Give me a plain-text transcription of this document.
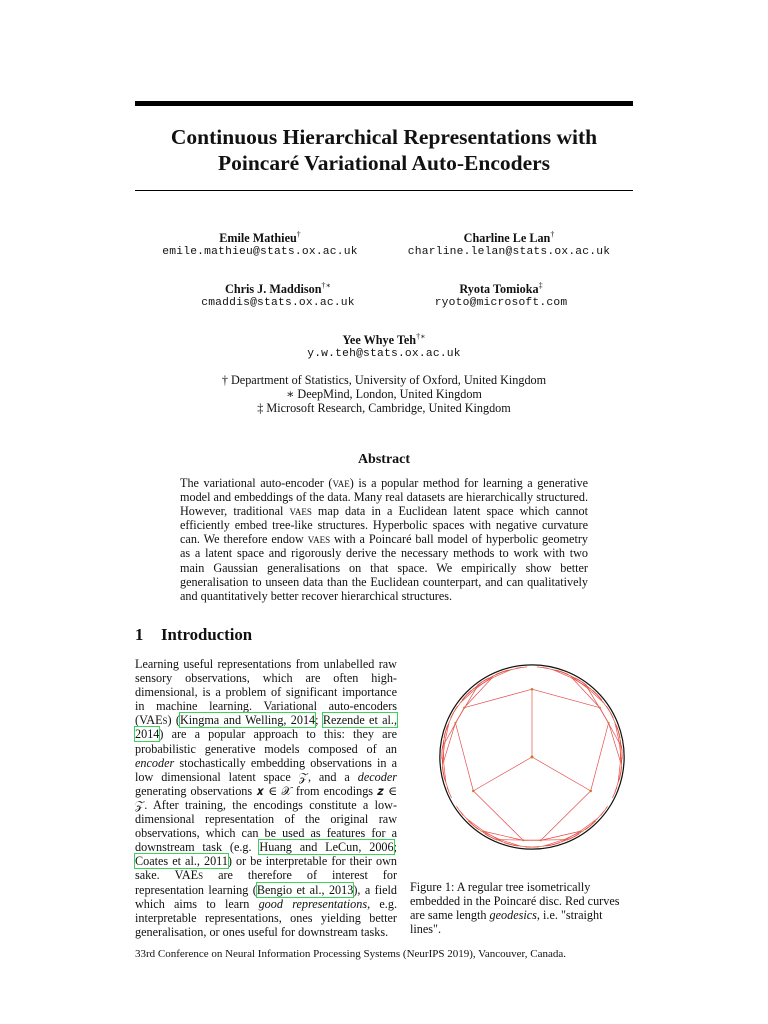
Continuous Hierarchical Representations with
Poincaré Variational Auto-Encoders
Emile Mathieu†
emile.mathieu@stats.ox.ac.uk
Charline Le Lan†
charline.lelan@stats.ox.ac.uk
Chris J. Maddison†∗
cmaddis@stats.ox.ac.uk
Ryota Tomioka‡
ryoto@microsoft.com
Yee Whye Teh†∗
y.w.teh@stats.ox.ac.uk
† Department of Statistics, University of Oxford, United Kingdom
∗ DeepMind, London, United Kingdom
‡ Microsoft Research, Cambridge, United Kingdom
Abstract
The variational auto-encoder (vae) is a popular method for learning a generative model and embeddings of the data. Many real datasets are hierarchically structured. However, traditional vaes map data in a Euclidean latent space which cannot efficiently embed tree-like structures. Hyperbolic spaces with negative curvature can. We therefore endow vaes with a Poincaré ball model of hyperbolic geometry as a latent space and rigorously derive the necessary methods to work with two main Gaussian generalisations on that space. We empirically show better generalisation to unseen data than the Euclidean counterpart, and can qualitatively and quantitatively better recover hierarchical structures.
1 Introduction
Learning useful representations from unlabelled raw sensory observations, which are often high-dimensional, is a problem of significant importance in machine learning. Variational auto-encoders (VAEs) (Kingma and Welling, 2014; Rezende et al., 2014) are a popular approach to this: they are probabilistic generative models composed of an encoder stochastically embedding observations in a low dimensional latent space 𝒵, and a decoder generating observations 𝒙 ∈ 𝒳 from encodings 𝒛 ∈ 𝒵. After training, the encodings constitute a low-dimensional representation of the original raw observations, which can be used as features for a downstream task (e.g. Huang and LeCun, 2006; Coates et al., 2011) or be interpretable for their own sake. VAEs are therefore of interest for representation learning (Bengio et al., 2013), a field which aims to learn good representations, e.g. interpretable representations, ones yielding better generalisation, or ones useful for downstream tasks.
Figure 1: A regular tree isometrically embedded in the Poincaré disc. Red curves are same length geodesics, i.e. "straight lines".
33rd Conference on Neural Information Processing Systems (NeurIPS 2019), Vancouver, Canada.
